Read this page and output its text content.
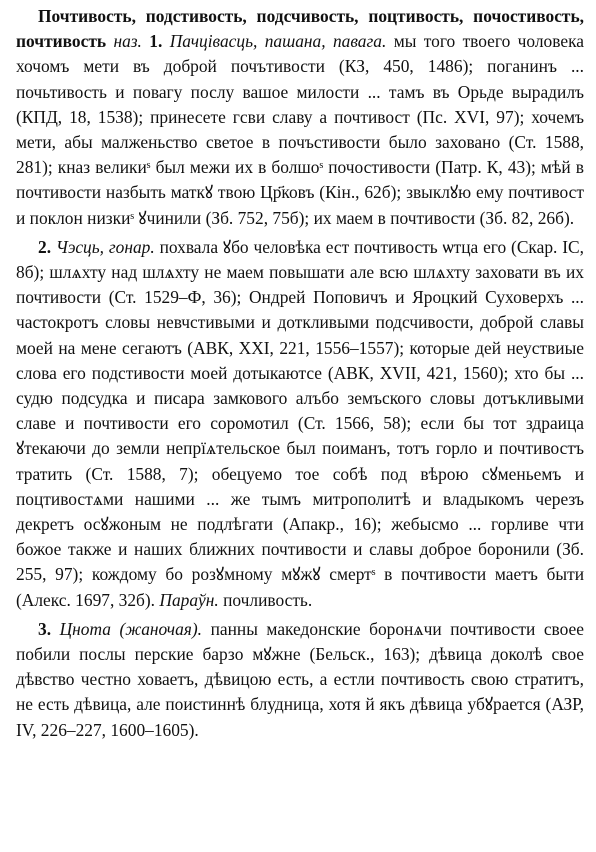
Почтивость, подстивость, подсчивость, поцтивость, почостивость, почтивость наз. 1. Пачцівасць, пашана, павага. мы того твоего чоловека хочомъ мети въ доброй почътивости (КЗ, 450, 1486); поганинъ ... почьтивость и повагу послу вашое милости ... тамъ въ Орьде вырадилъ (КПД, 18, 1538); принесете гсви славу а почтивост (Пс. XVI, 97); хочемъ мети, абы малженьство светое в почъстивости было заховано (Ст. 1588, 281); кназ великиˢ был межи их в болшоˢ почостивости (Патр. К, 43); мѣй в почтивости назбыть маткꙋ твою Цр҃ковъ (Кін., 62б); звыклꙋю ему почтивост и поклон низкиˢ ꙋчинили (Зб. 752, 75б); их маем в почтивости (Зб. 82, 26б).

2. Чэсць, гонар. похвала ꙋбо человѣка ест почтивость ѡтца его (Скар. ІС, 8б); шлѧхту над шлѧхту не маем повышати але всю шлѧхту заховати въ их почтивости (Ст. 1529–Ф, 36); Ондрей Поповичъ и Яроцкий Суховерхъ ... частокротъ словы невчстивыми и доткливыми подсчивости, доброй славы моей на мене сегаютъ (АВК, XXI, 221, 1556–1557); которые дей неуствиые слова его подстивости моей дотыкаютсе (АВК, XVII, 421, 1560); хто бы ... судю подсудка и писара замкового алъбо земъского словы дотъкливыми славе и почтивости его соромотил (Ст. 1566, 58); если бы тот здраица ꙋтекаючи до земли непрїѧтельское был поиманъ, тотъ горло и почтивостъ тратить (Ст. 1588, 7); обецуемо тое собѣ под вѣрою сꙋменьемъ и поцтивостѧми нашими ... же тымъ митрополитѣ и владыкомъ черезъ декретъ осꙋжоным не подлѣгати (Апакр., 16); жебысмо ... горливе чти божое также и наших ближних почтивости и славы доброе боронили (Зб. 255, 97); кождому бо розꙋмному мꙋжꙋ смертˢ в почтивости маетъ быти (Алекс. 1697, 32б). Параўн. почливость.

3. Цнота (жаночая). панны македонские боронѧчи почтивости своее побили послы перские барзо мꙋжне (Бельск., 163); дѣвица доколѣ свое дѣвство честно ховаетъ, дѣвицою есть, а естли почтивость свою стратитъ, не есть дѣвица, але поистиннѣ блудница, хотя й якъ дѣвица убꙋрается (АЗР, IV, 226–227, 1600–1605).
